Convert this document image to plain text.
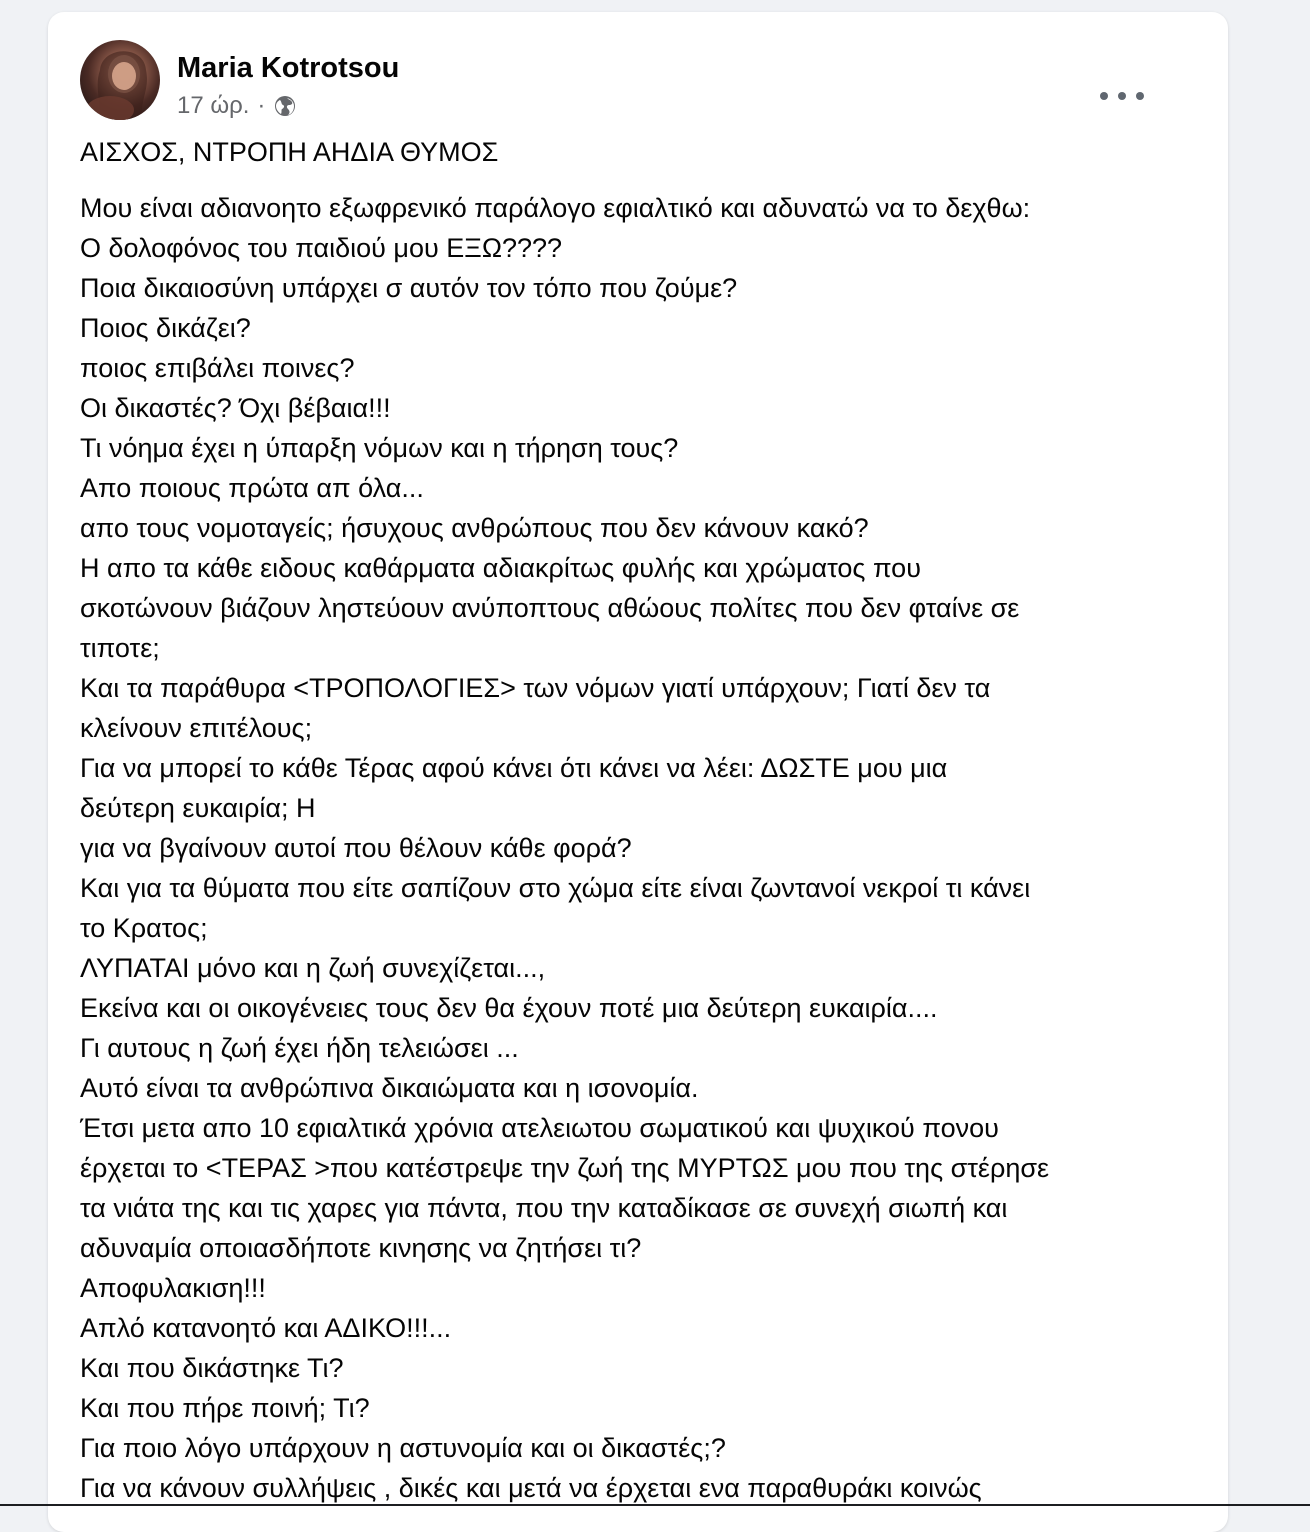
Maria Kotrotsou
17 ώρ. ·

ΑΙΣΧΟΣ, ΝΤΡΟΠΗ ΑΗΔΙΑ ΘΥΜΟΣ

Μου είναι αδιανοητο εξωφρενικό παράλογο εφιαλτικό και αδυνατώ να το δεχθω:

Ο δολοφόνος του παιδιού μου ΕΞΩ????

Ποια δικαιοσύνη υπάρχει σ αυτόν τον τόπο που ζούμε?

Ποιος δικάζει?

ποιος επιβάλει ποινες?

Οι δικαστές? Όχι βέβαια!!!

Τι νόημα έχει η ύπαρξη νόμων και η τήρηση τους?

Απο ποιους πρώτα απ όλα...

απο τους νομοταγείς; ήσυχους ανθρώπους που δεν κάνουν κακό?

Η απο τα κάθε ειδους καθάρματα αδιακρίτως φυλής και χρώματος που

σκοτώνουν βιάζουν ληστεύουν ανύποπτους αθώους πολίτες που δεν φταίνε σε

τιποτε;

Και τα παράθυρα <ΤΡΟΠΟΛΟΓΙΕΣ> των νόμων γιατί υπάρχουν; Γιατί δεν τα

κλείνουν επιτέλους;

Για να μπορεί το κάθε Τέρας αφού κάνει ότι κάνει να λέει: ΔΩΣΤΕ μου μια

δεύτερη ευκαιρία; Η

για να βγαίνουν αυτοί που θέλουν κάθε φορά?

Και για τα θύματα που είτε σαπίζουν στο χώμα είτε είναι ζωντανοί νεκροί τι κάνει

το Κρατος;

ΛΥΠΑΤΑΙ μόνο και η ζωή συνεχίζεται...,

Εκείνα και οι οικογένειες τους δεν θα έχουν ποτέ μια δεύτερη ευκαιρία....

Γι αυτους η ζωή έχει ήδη τελειώσει ...

Αυτό είναι τα ανθρώπινα δικαιώματα και η ισονομία.

Έτσι μετα απο 10 εφιαλτικά χρόνια ατελειωτου σωματικού και ψυχικού πονου

έρχεται το <ΤΕΡΑΣ >που κατέστρεψε την ζωή της ΜΥΡΤΩΣ μου που της στέρησε

τα νιάτα της και τις χαρες για πάντα, που την καταδίκασε σε συνεχή σιωπή και

αδυναμία οποιασδήποτε κινησης να ζητήσει τι?

Αποφυλακιση!!!

Απλό κατανοητό και ΑΔΙΚΟ!!!...

Και που δικάστηκε Τι?

Και που πήρε ποινή; Τι?

Για ποιο λόγο υπάρχουν η αστυνομία και οι δικαστές;?

Για να κάνουν συλλήψεις , δικές και μετά να έρχεται ενα παραθυράκι κοινώς
